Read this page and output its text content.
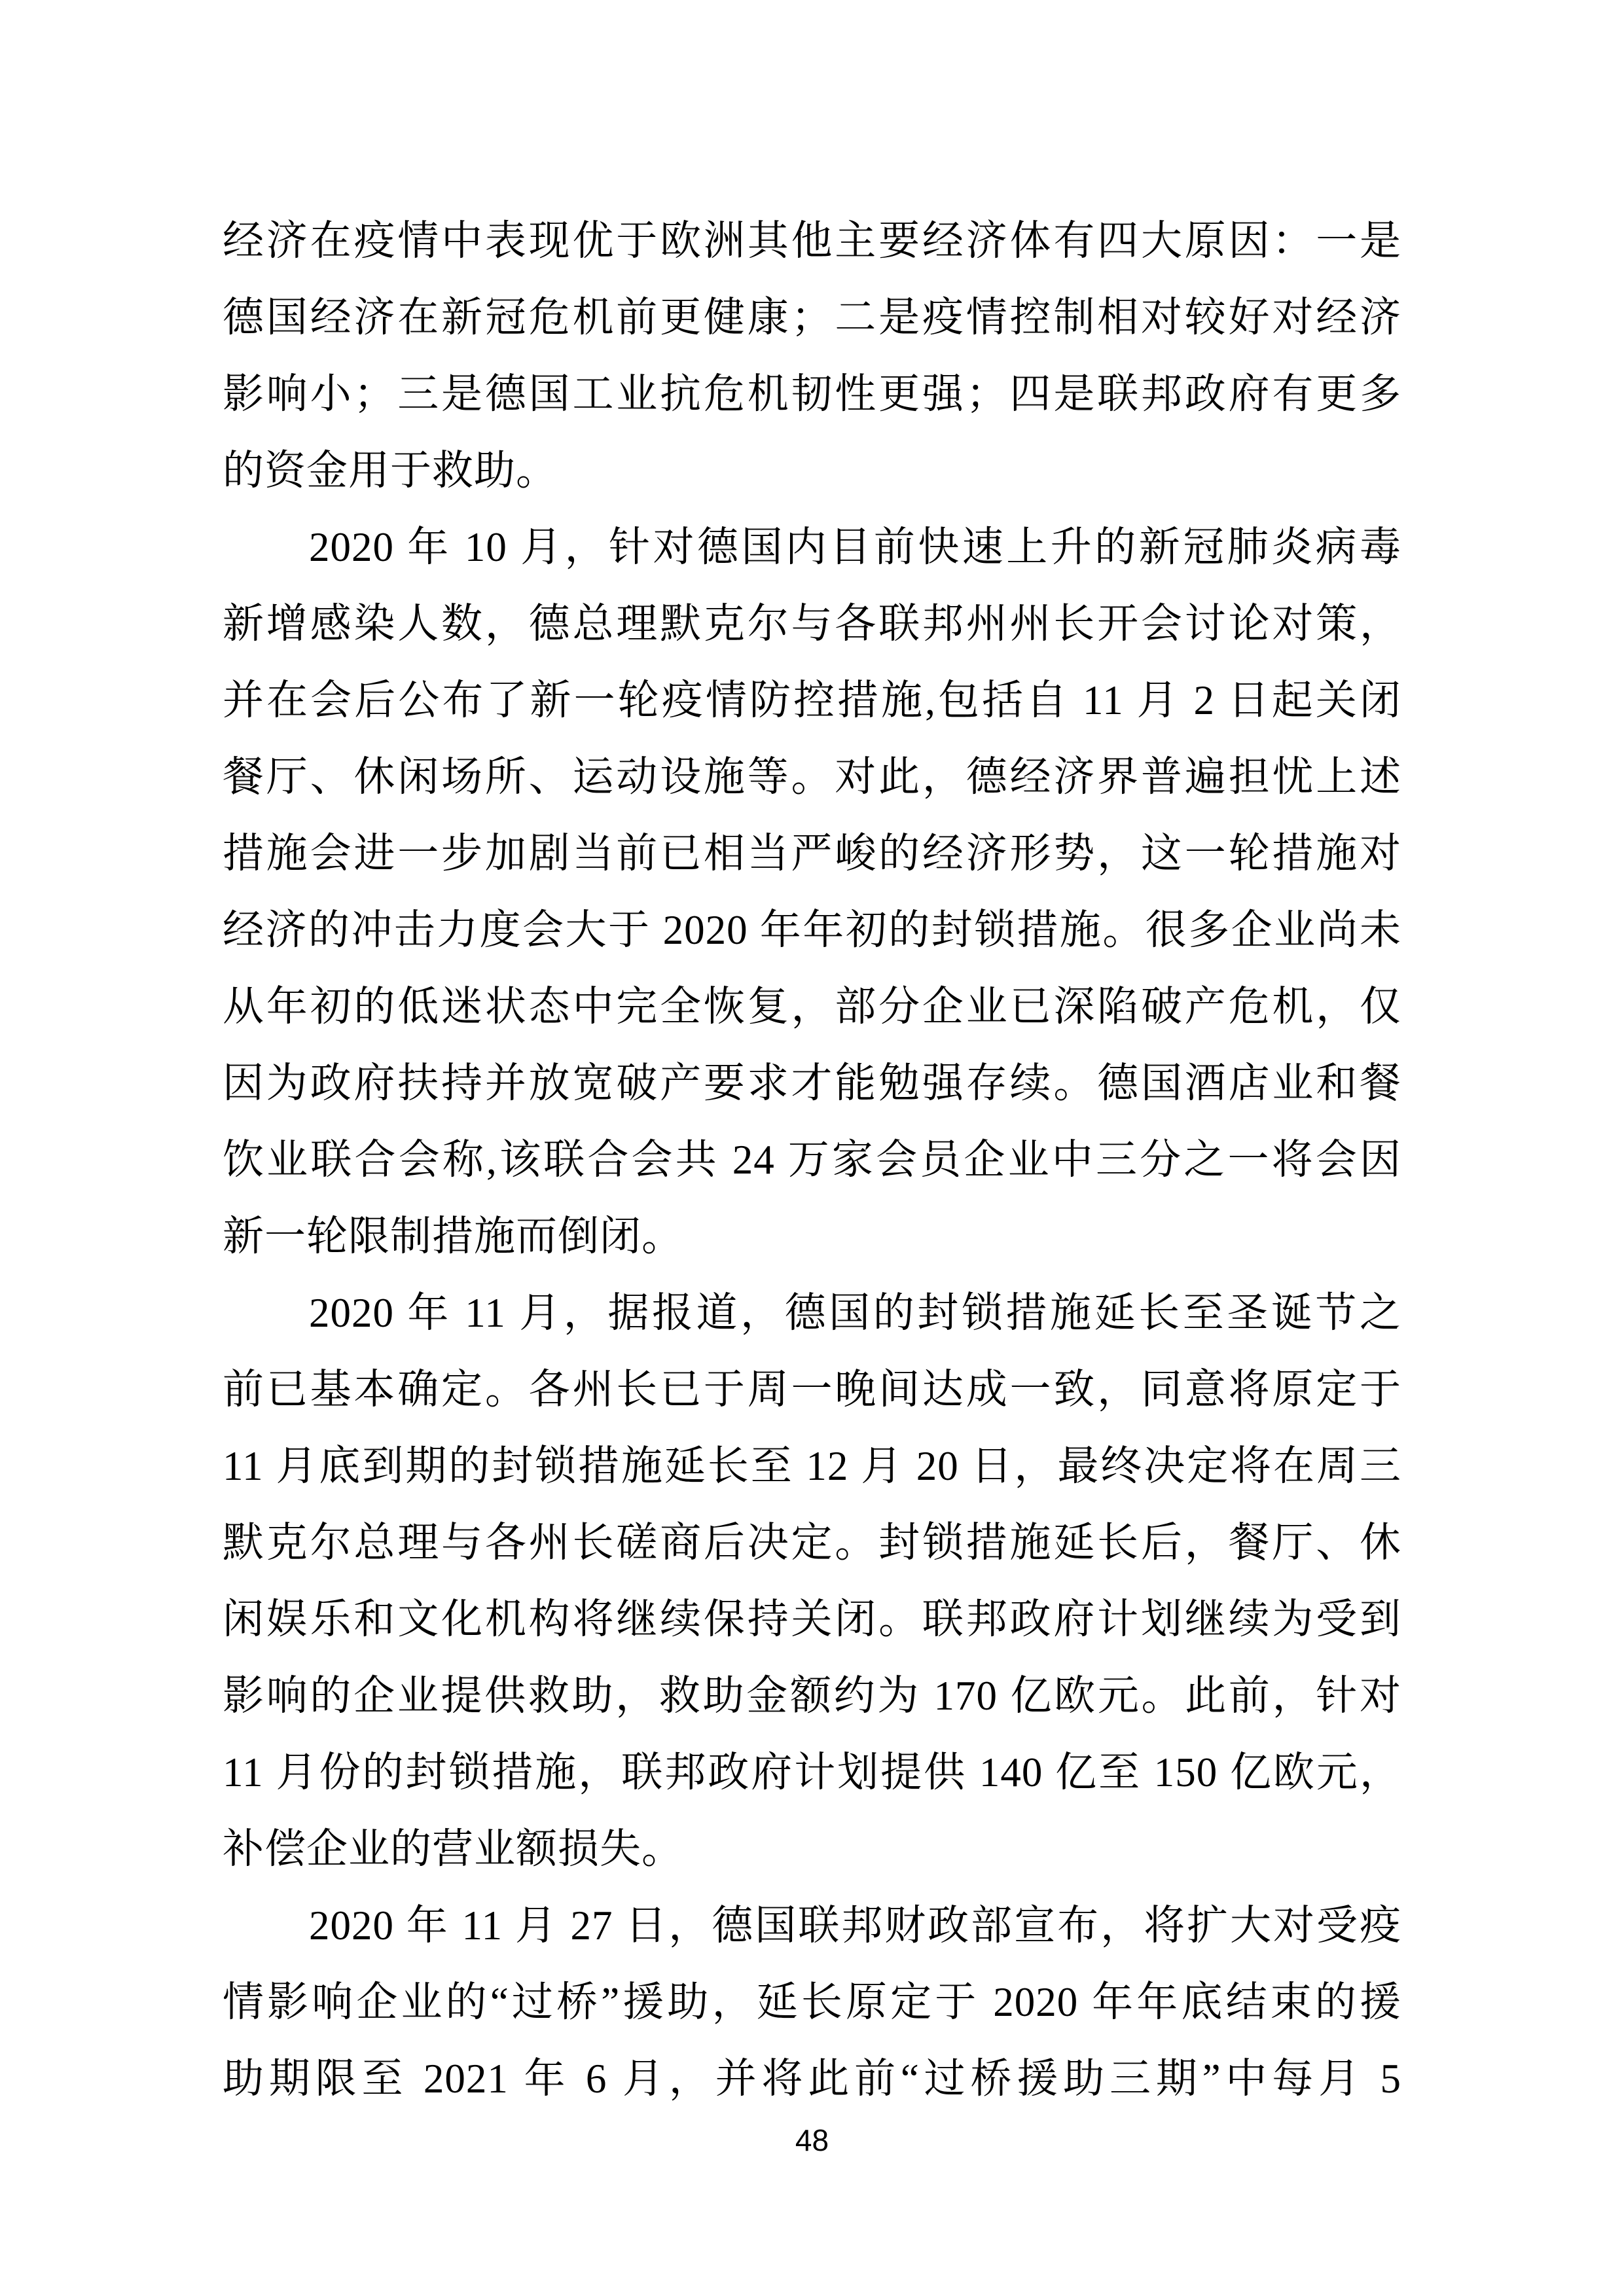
经济在疫情中表现优于欧洲其他主要经济体有四大原因：一是
德国经济在新冠危机前更健康；二是疫情控制相对较好对经济
影响小；三是德国工业抗危机韧性更强；四是联邦政府有更多
的资金用于救助。
2020 年 10 月，针对德国内目前快速上升的新冠肺炎病毒
新增感染人数，德总理默克尔与各联邦州州长开会讨论对策，
并在会后公布了新一轮疫情防控措施,包括自 11 月 2 日起关闭
餐厅、休闲场所、运动设施等。对此，德经济界普遍担忧上述
措施会进一步加剧当前已相当严峻的经济形势，这一轮措施对
经济的冲击力度会大于 2020 年年初的封锁措施。很多企业尚未
从年初的低迷状态中完全恢复，部分企业已深陷破产危机，仅
因为政府扶持并放宽破产要求才能勉强存续。德国酒店业和餐
饮业联合会称,该联合会共 24 万家会员企业中三分之一将会因
新一轮限制措施而倒闭。
2020 年 11 月，据报道，德国的封锁措施延长至圣诞节之
前已基本确定。各州长已于周一晚间达成一致，同意将原定于
11 月底到期的封锁措施延长至 12 月 20 日，最终决定将在周三
默克尔总理与各州长磋商后决定。封锁措施延长后，餐厅、休
闲娱乐和文化机构将继续保持关闭。联邦政府计划继续为受到
影响的企业提供救助，救助金额约为 170 亿欧元。此前，针对
11 月份的封锁措施，联邦政府计划提供 140 亿至 150 亿欧元，
补偿企业的营业额损失。
2020 年 11 月 27 日，德国联邦财政部宣布，将扩大对受疫
情影响企业的“过桥”援助，延长原定于 2020 年年底结束的援
助期限至 2021 年 6 月，并将此前“过桥援助三期”中每月 5
48
